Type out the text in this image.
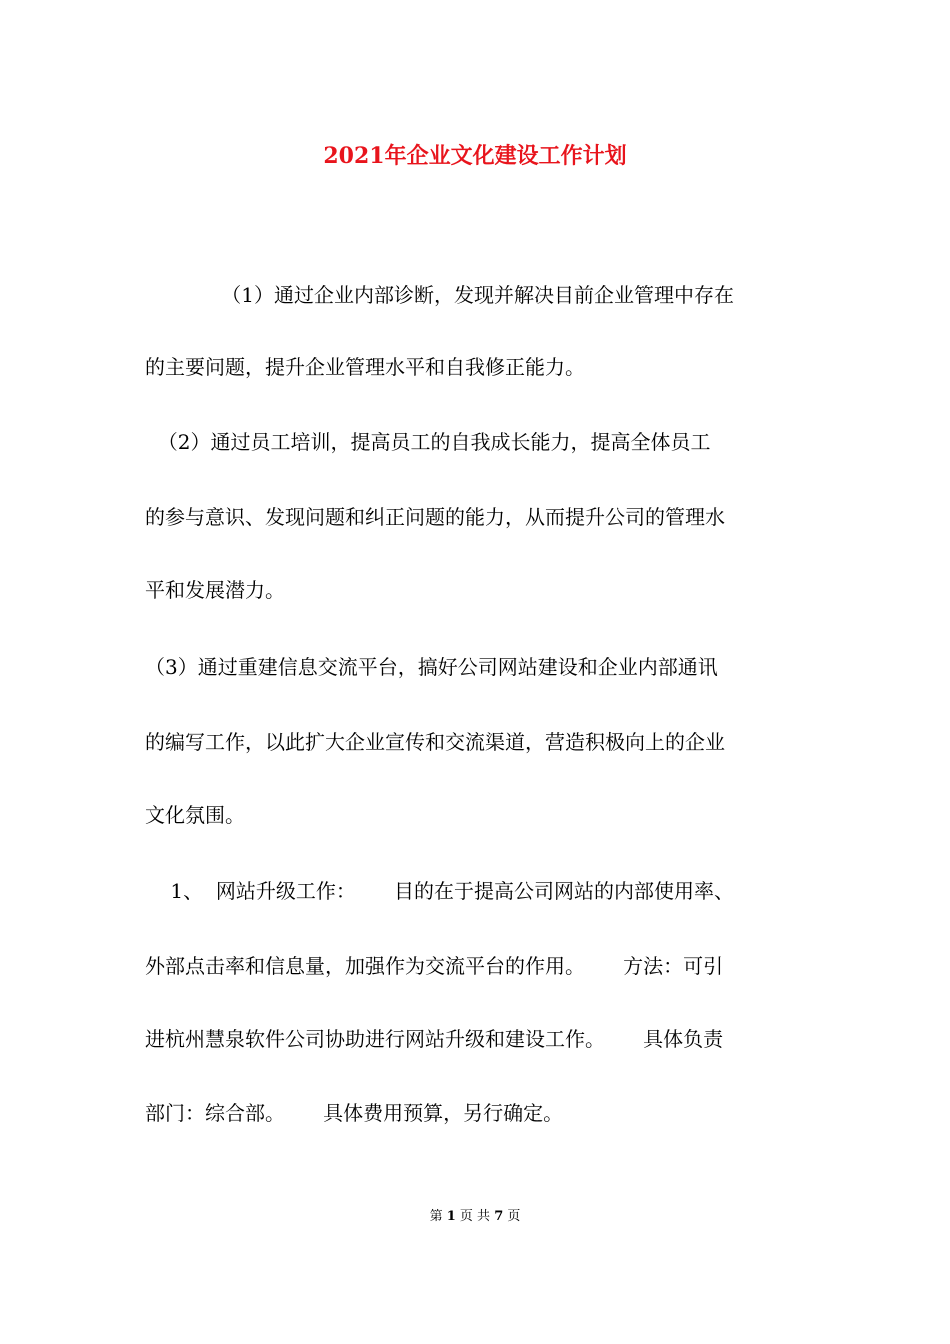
2021年企业文化建设工作计划

（1）通过企业内部诊断，发现并解决目前企业管理中存在

的主要问题，提升企业管理水平和自我修正能力。

（2）通过员工培训，提高员工的自我成长能力，提高全体员工

的参与意识、发现问题和纠正问题的能力，从而提升公司的管理水

平和发展潜力。

（3）通过重建信息交流平台，搞好公司网站建设和企业内部通讯

的编写工作，以此扩大企业宣传和交流渠道，营造积极向上的企业

文化氛围。

1、  网站升级工作：      目的在于提高公司网站的内部使用率、

外部点击率和信息量，加强作为交流平台的作用。      方法：可引

进杭州慧泉软件公司协助进行网站升级和建设工作。      具体负责

部门：综合部。      具体费用预算，另行确定。

第 1 页 共 7 页
